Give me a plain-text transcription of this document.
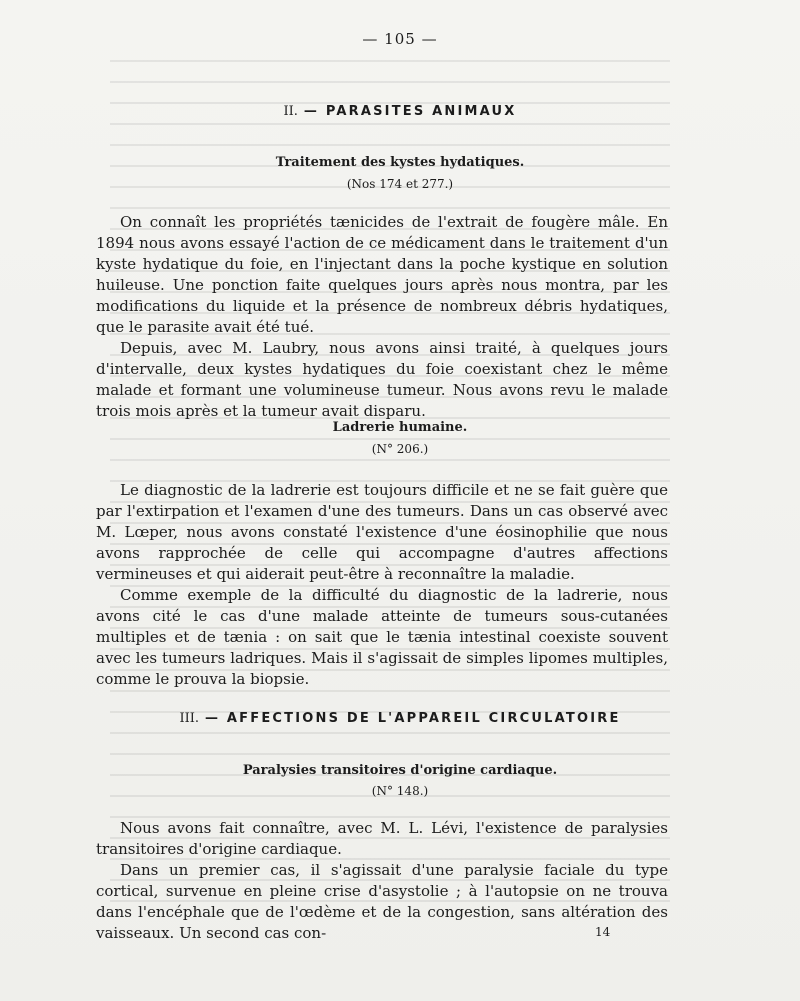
— 105 —
II. — PARASITES ANIMAUX
Traitement des kystes hydatiques.
(Nos 174 et 277.)

On connaît les propriétés tænicides de l'extrait de fougère mâle. En 1894 nous avons essayé l'action de ce médicament dans le traitement d'un kyste hydatique du foie, en l'injectant dans la poche kystique en solution huileuse. Une ponction faite quelques jours après nous montra, par les modifications du liquide et la présence de nombreux débris hydatiques, que le parasite avait été tué.

Depuis, avec M. Laubry, nous avons ainsi traité, à quelques jours d'intervalle, deux kystes hydatiques du foie coexistant chez le même malade et formant une volumineuse tumeur. Nous avons revu le malade trois mois après et la tumeur avait disparu.

Ladrerie humaine.
(N° 206.)

Le diagnostic de la ladrerie est toujours difficile et ne se fait guère que par l'extirpation et l'examen d'une des tumeurs. Dans un cas observé avec M. Lœper, nous avons constaté l'existence d'une éosinophilie que nous avons rapprochée de celle qui accompagne d'autres affections vermineuses et qui aiderait peut-être à reconnaître la maladie.

Comme exemple de la difficulté du diagnostic de la ladrerie, nous avons cité le cas d'une malade atteinte de tumeurs sous-cutanées multiples et de tænia : on sait que le tænia intestinal coexiste souvent avec les tumeurs ladriques. Mais il s'agissait de simples lipomes multiples, comme le prouva la biopsie.

III. — AFFECTIONS DE L'APPAREIL CIRCULATOIRE
Paralysies transitoires d'origine cardiaque.
(N° 148.)

Nous avons fait connaître, avec M. L. Lévi, l'existence de paralysies transitoires d'origine cardiaque.

Dans un premier cas, il s'agissait d'une paralysie faciale du type cortical, survenue en pleine crise d'asystolie ; à l'autopsie on ne trouva dans l'encéphale que de l'œdème et de la congestion, sans altération des vaisseaux. Un second cas con-	14
